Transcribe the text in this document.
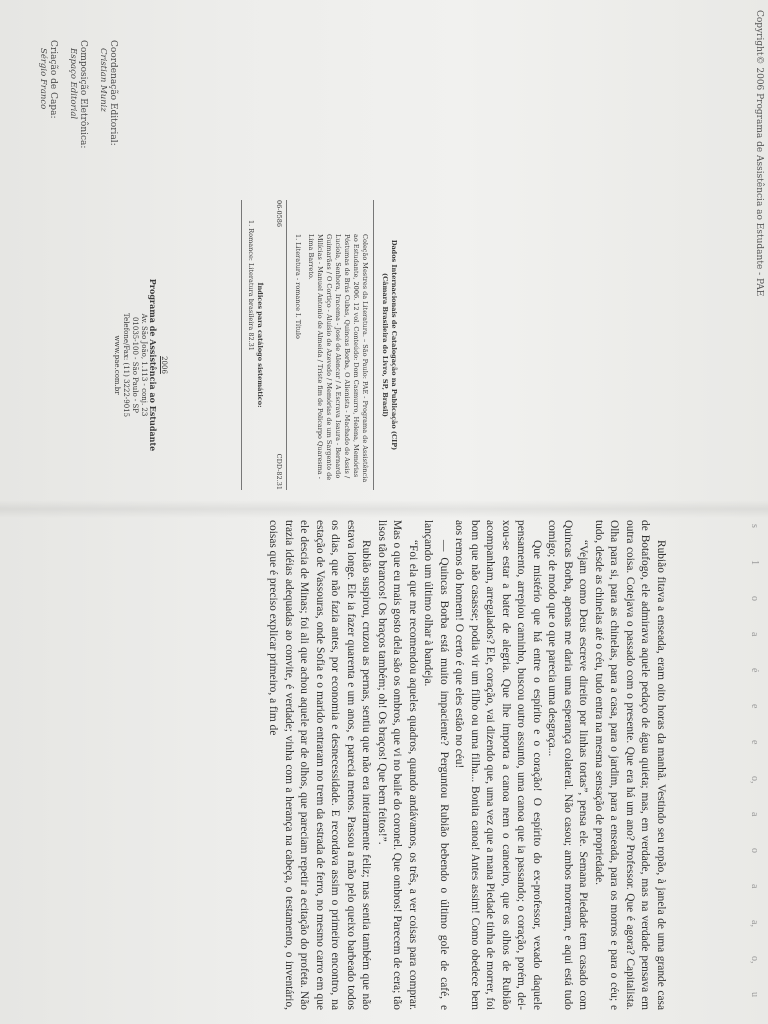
Copyright© 2006 Programa de Assistência ao Estudante - PAE
Coordenação Editorial:
Cristian Muniz
Composição Eletrônica:
Espaço Editorial
Criação de Capa:
Sérgio Franco
Dados Internacionais de Catalogação na Publicação (CIP)
(Câmara Brasileira do Livro, SP, Brasil)
Coleção Mestres da Literatura. – São Paulo: PAE - Programa de Assistência ao Estudante, 2006. 12 vol. Conteúdo: Dom Casmurro, Helena, Memórias Póstumas de Brás Cubas, Quincas Borba, O Alienista - Machado de Assis / Lucíola, Senhora, Iracema - José de Alencar / A Escrava Isaura - Bernardo Guimarães / O Cortiço - Aluísio de Azevedo / Memórias de um Sargento de Milícias - Manuel Antonio de Almeida / Triste fim de Policarpo Quaresma - Lima Barreto.
1. Literatura - romance I. Título
06-0586
CDD-82.31
Índices para catálogo sistemático:
1. Romance: Literatura brasileira 82.31
2006
Programa de Assistência ao Estudante
Av. São João, 1.113 - conj. 23
01035-100 - São Paulo - SP
Telefone/Fax: (11) 3222-9015
www.pae.com.br
s
1
o
a
é
e
e
o,
a
o
a
a,
o,
u

Rubião fitava a enseada, eram oito horas da manhã. Vestindo seu ropão, à janela de uma grande casa de Botafogo, ele admirava aquele pedaço de água quieta; mas, em verdade, mas na verdade pensava em outra coisa. Cotejava o passado com o presente. Que era há um ano? Professor. Que é agora? Capitalista. Olha para si, para as chinelas, para a casa, para o jardim, para a enseada, para os morros e para o céu; e tudo, desde as chinelas até o céu, tudo entra na mesma sensação de propriedade.

“Vejam como Deus escreve direito por linhas tortas”, pensa ele. Semana Piedade tem casado com Quincas Borba, apenas me daria uma esperança colateral. Não casou; ambos morreram, e aqui está tudo comigo; de modo que o que parecia uma desgraça...

Que mistério que há entre o espírito e o coração! O espírito do ex-professor, vexado daquele pensamento, arrepiou caminho, buscou outro assunto, uma canoa que ia passando; o coração, porém, dei-xou-se estar a bater de alegria. Que lhe importa a canoa nem o canoeiro, que os olhos de Rubião acompanham, arregalados? Ele, coração, vai dizendo que, uma vez que a mana Piedade tinha de morrer, foi bom que não casasse; podia vir um filho ou uma filha... Bonita canoa! Antes assim! Como obedece bem aos remos do homem! O certo é que eles estão no céu!

— Quincas Borba está muito impaciente? Perguntou Rubião bebendo o último gole de café, e lançando um último olhar à bandeja.

“Foi ela que me recomendou aqueles quadros, quando andávamos, os três, a ver coisas para comprar. Mas o que eu mais gosto dela são os ombros, que vi no baile do coronel. Que ombros! Parecem de cera; tão lisos tão brancos! Os braços também; oh! Os braços! Que bem feitos!”.

Rubião suspirou, cruzou as pernas, sentiu que não era inteiramente feliz; mas sentia também que não estava longe. Ele ia fazer quarenta e um anos, e parecia menos. Passou a mão pelo queixo barbeado todos os dias, que não fazia antes, por economia e desnecessidade. E recordava assim o primeiro encontro, na estação de Vassouras, onde Sofia e o marido entraram no trem da estrada de ferro, no mesmo carro em que ele descia de Minas; foi ali que achou aquele par de olhos, que pareciam repetir a ecitação do profeta. Não trazia idéias adequadas ao convite, é verdade; vinha com a herança na cabeça, o testamento, o inventário, coisas que é preciso explicar primeiro, a fim de
